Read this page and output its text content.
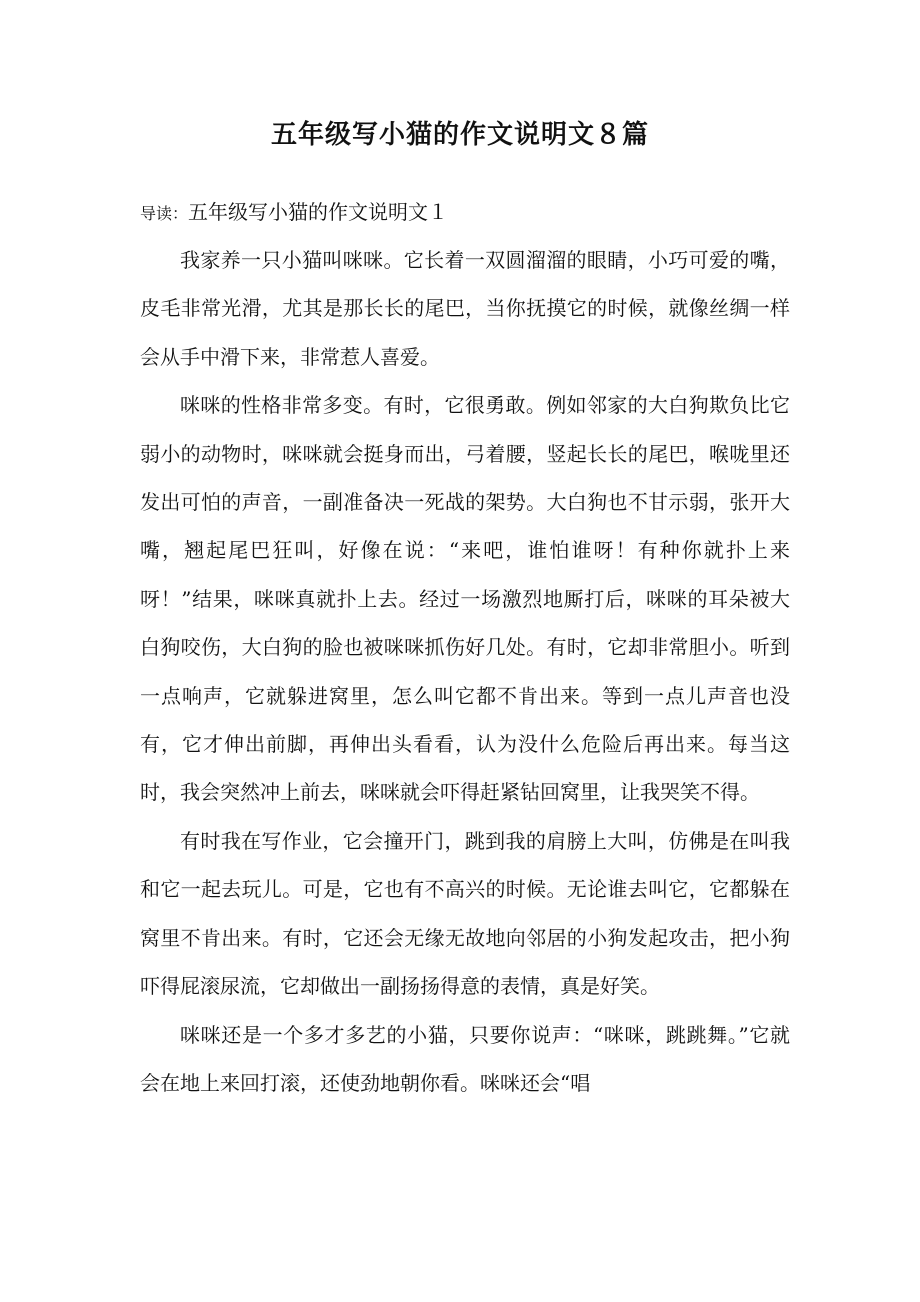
五年级写小猫的作文说明文８篇

导读：五年级写小猫的作文说明文１

我家养一只小猫叫咪咪。它长着一双圆溜溜的眼睛，小巧可爱的嘴，皮毛非常光滑，尤其是那长长的尾巴，当你抚摸它的时候，就像丝绸一样会从手中滑下来，非常惹人喜爱。

咪咪的性格非常多变。有时，它很勇敢。例如邻家的大白狗欺负比它弱小的动物时，咪咪就会挺身而出，弓着腰，竖起长长的尾巴，喉咙里还发出可怕的声音，一副准备决一死战的架势。大白狗也不甘示弱，张开大嘴，翘起尾巴狂叫，好像在说：“来吧，谁怕谁呀！有种你就扑上来呀！”结果，咪咪真就扑上去。经过一场激烈地厮打后，咪咪的耳朵被大白狗咬伤，大白狗的脸也被咪咪抓伤好几处。有时，它却非常胆小。听到一点响声，它就躲进窝里，怎么叫它都不肯出来。等到一点儿声音也没有，它才伸出前脚，再伸出头看看，认为没什么危险后再出来。每当这时，我会突然冲上前去，咪咪就会吓得赶紧钻回窝里，让我哭笑不得。

有时我在写作业，它会撞开门，跳到我的肩膀上大叫，仿佛是在叫我和它一起去玩儿。可是，它也有不高兴的时候。无论谁去叫它，它都躲在窝里不肯出来。有时，它还会无缘无故地向邻居的小狗发起攻击，把小狗吓得屁滚尿流，它却做出一副扬扬得意的表情，真是好笑。

咪咪还是一个多才多艺的小猫，只要你说声：“咪咪，跳跳舞。”它就会在地上来回打滚，还使劲地朝你看。咪咪还会“唱
